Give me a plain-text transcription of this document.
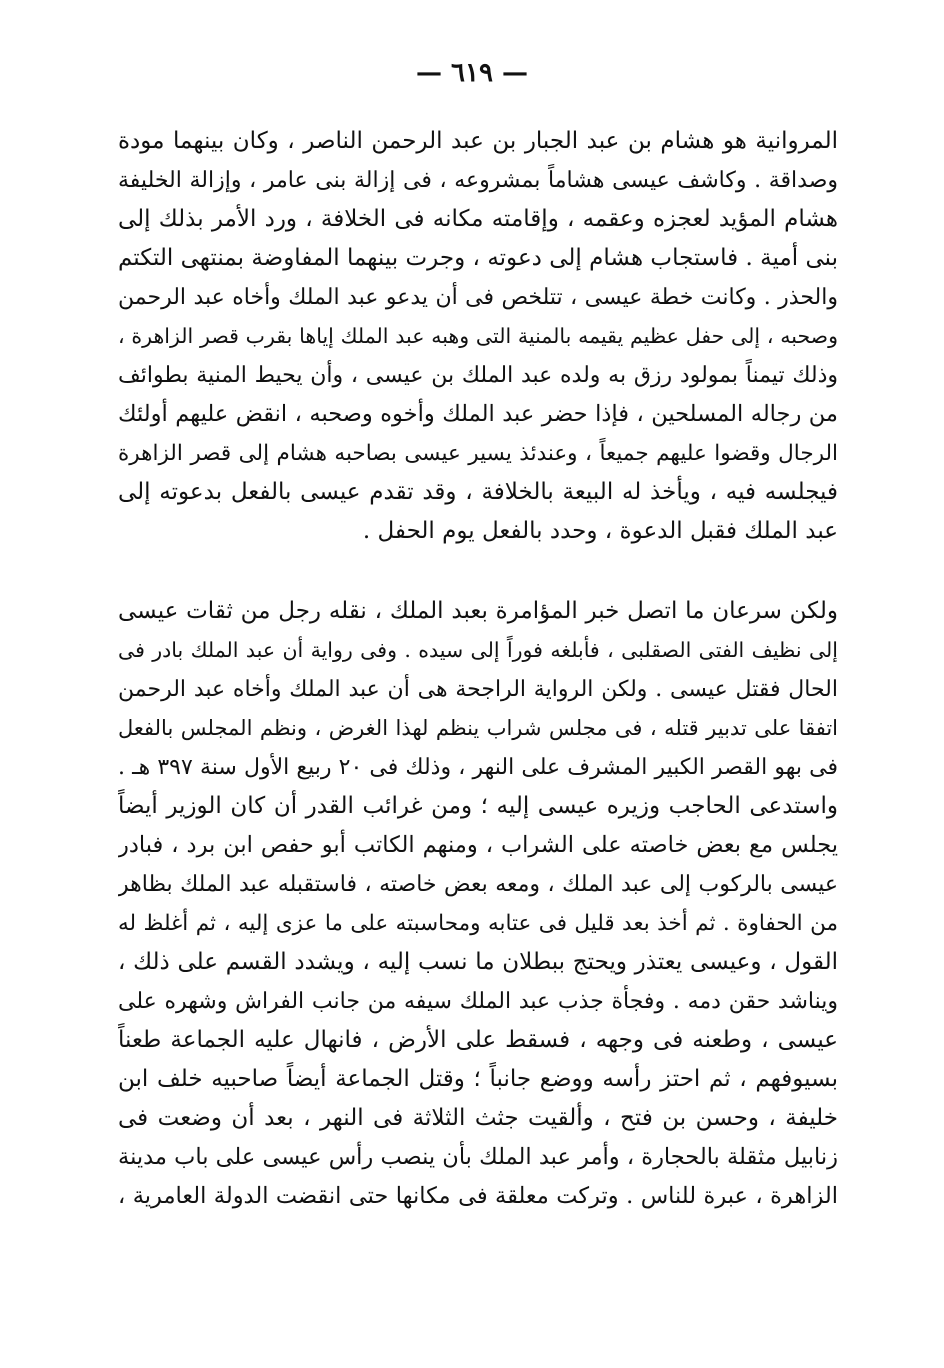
— ٦١٩ —
المروانية هو هشام بن عبد الجبار بن عبد الرحمن الناصر ، وكان بينهما مودة
وصداقة . وكاشف عيسى هشاماً بمشروعه ، فى إزالة بنى عامر ، وإزالة الخليفة
هشام المؤيد لعجزه وعقمه ، وإقامته مكانه فى الخلافة ، ورد الأمر بذلك إلى
بنى أمية . فاستجاب هشام إلى دعوته ، وجرت بينهما المفاوضة بمنتهى التكتم
والحذر . وكانت خطة عيسى ، تتلخص فى أن يدعو عبد الملك وأخاه عبد الرحمن
وصحبه ، إلى حفل عظيم يقيمه بالمنية التى وهبه عبد الملك إياها بقرب قصر الزاهرة ،
وذلك تيمناً بمولود رزق به ولده عبد الملك بن عيسى ، وأن يحيط المنية بطوائف
من رجاله المسلحين ، فإذا حضر عبد الملك وأخوه وصحبه ، انقض عليهم أولئك
الرجال وقضوا عليهم جميعاً ، وعندئذ يسير عيسى بصاحبه هشام إلى قصر الزاهرة
فيجلسه فيه ، ويأخذ له البيعة بالخلافة ، وقد تقدم عيسى بالفعل بدعوته إلى
عبد الملك فقبل الدعوة ، وحدد بالفعل يوم الحفل .
ولكن سرعان ما اتصل خبر المؤامرة بعبد الملك ، نقله رجل من ثقات عيسى
إلى نظيف الفتى الصقلبى ، فأبلغه فوراً إلى سيده . وفى رواية أن عبد الملك بادر فى
الحال فقتل عيسى . ولكن الرواية الراجحة هى أن عبد الملك وأخاه عبد الرحمن
اتفقا على تدبير قتله ، فى مجلس شراب ينظم لهذا الغرض ، ونظم المجلس بالفعل
فى بهو القصر الكبير المشرف على النهر ، وذلك فى ٢٠ ربيع الأول سنة ٣٩٧ هـ .
واستدعى الحاجب وزيره عيسى إليه ؛ ومن غرائب القدر أن كان الوزير أيضاً
يجلس مع بعض خاصته على الشراب ، ومنهم الكاتب أبو حفص ابن برد ، فبادر
عيسى بالركوب إلى عبد الملك ، ومعه بعض خاصته ، فاستقبله عبد الملك بظاهر
من الحفاوة . ثم أخذ بعد قليل فى عتابه ومحاسبته على ما عزى إليه ، ثم أغلظ له
القول ، وعيسى يعتذر ويحتج ببطلان ما نسب إليه ، ويشدد القسم على ذلك ،
ويناشد حقن دمه . وفجأة جذب عبد الملك سيفه من جانب الفراش وشهره على
عيسى ، وطعنه فى وجهه ، فسقط على الأرض ، فانهال عليه الجماعة طعناً
بسيوفهم ، ثم احتز رأسه ووضع جانباً ؛ وقتل الجماعة أيضاً صاحبيه خلف ابن
خليفة ، وحسن بن فتح ، وألقيت جثث الثلاثة فى النهر ، بعد أن وضعت فى
زنابيل مثقلة بالحجارة ، وأمر عبد الملك بأن ينصب رأس عيسى على باب مدينة
الزاهرة ، عبرة للناس . وتركت معلقة فى مكانها حتى انقضت الدولة العامرية ،
